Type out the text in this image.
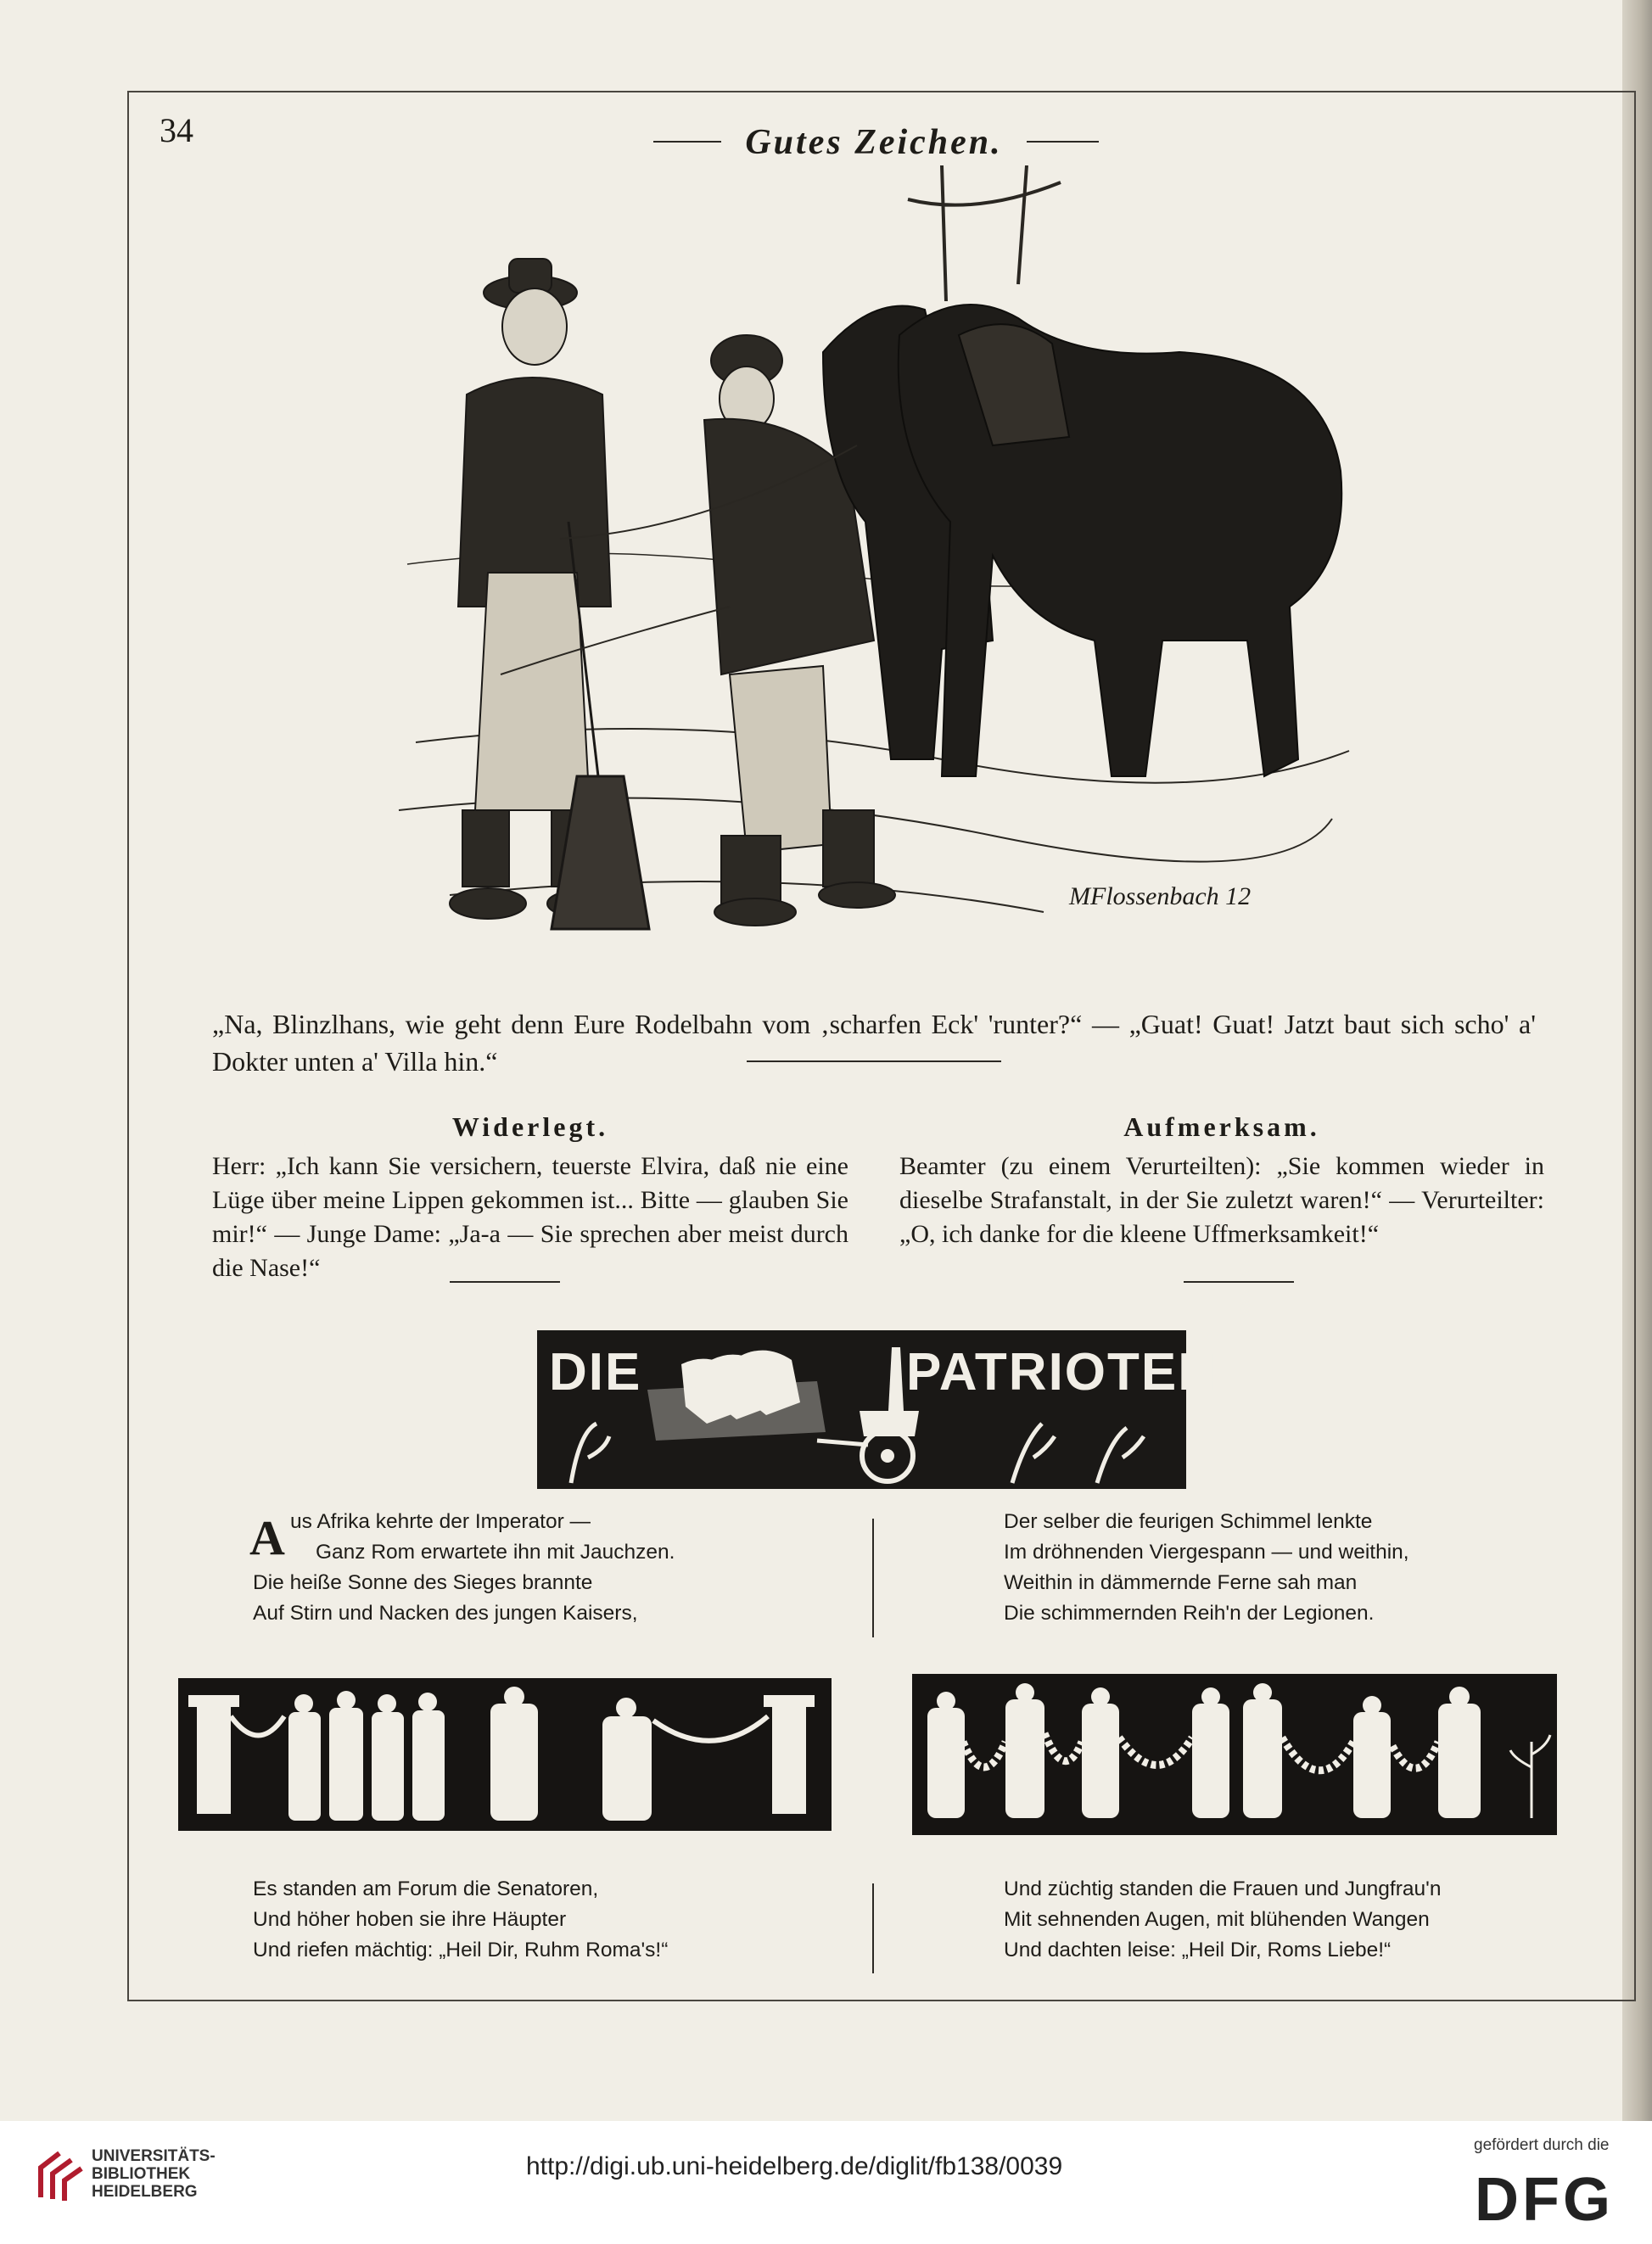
34	Gutes Zeichen.
MFlossenbach 12
„Na, Blinzlhans, wie geht denn Eure Rodelbahn vom ‚scharfen Eck' 'runter?“ — „Guat! Guat! Jatzt baut sich scho' a' Dokter unten a' Villa hin.“
Widerlegt.
Herr: „Ich kann Sie versichern, teuerste Elvira, daß nie eine Lüge über meine Lippen gekommen ist... Bitte — glauben Sie mir!“ — Junge Dame: „Ja-a — Sie sprechen aber meist durch die Nase!“
Aufmerksam.
Beamter (zu einem Verurteilten): „Sie kommen wieder in dieselbe Strafanstalt, in der Sie zuletzt waren!“ — Verurteilter: „O, ich danke for die kleene Uffmerksamkeit!“
DIE	PATRIOTEN
A us Afrika kehrte der Imperator —
Ganz Rom erwartete ihn mit Jauchzen.
Die heiße Sonne des Sieges brannte
Auf Stirn und Nacken des jungen Kaisers,
Der selber die feurigen Schimmel lenkte
Im dröhnenden Viergespann — und weithin,
Weithin in dämmernde Ferne sah man
Die schimmernden Reih'n der Legionen.
Es standen am Forum die Senatoren,
Und höher hoben sie ihre Häupter
Und riefen mächtig: „Heil Dir, Ruhm Roma's!“
Und züchtig standen die Frauen und Jungfrau'n
Mit sehnenden Augen, mit blühenden Wangen
Und dachten leise: „Heil Dir, Roms Liebe!“
UNIVERSITÄTS-
BIBLIOTHEK
HEIDELBERG
http://digi.ub.uni-heidelberg.de/diglit/fb138/0039
gefördert durch die
DFG
